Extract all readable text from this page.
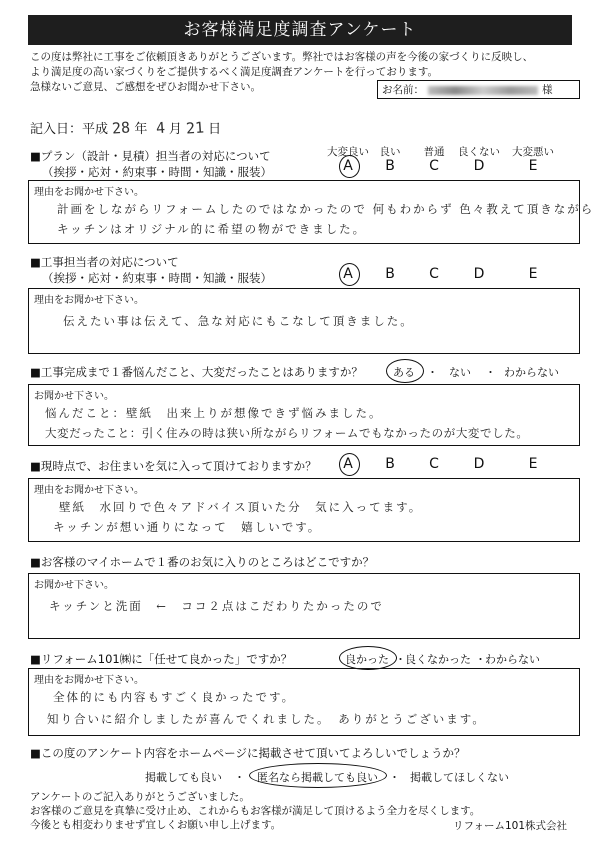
お客様満足度調査アンケート
この度は弊社に工事をご依頼頂きありがとうございます。弊社ではお客様の声を今後の家づくりに反映し、
より満足度の高い家づくりをご提供するべく満足度調査アンケートを行っております。
急様ないご意見、ご感想をぜひお聞かせ下さい。	お名前：	様
記入日：平成 28 年 4 月 21 日
■プラン（設計・見積）担当者の対応について
（挨拶・応対・約束事・時間・知識・服装）
大変良い	良い	普通	良くない 大変悪い
A	B	C	D	E
理由をお聞かせ下さい。
計画をしながらリフォームしたのではなかったので 何もわからず 色々教えて頂きながら
キッチンはオリジナル的に希望の物ができました。
■工事担当者の対応について
（挨拶・応対・約束事・時間・知識・服装）	A	B	C	D	E
理由をお聞かせ下さい。
伝えたい事は伝えて、急な対応にもこなして頂きました。
■工事完成まで１番悩んだこと、大変だったことはありますか？	ある ・ ない ・ わからない
お聞かせ下さい。
悩んだこと：壁紙　出来上りが想像できず悩みました。
大変だったこと：引く住みの時は狭い所ながらリフォームでもなかったのが大変でした。
■現時点で、お住まいを気に入って頂けておりますか？	A	B	C	D	E
理由をお聞かせ下さい。
壁紙　水回りで色々アドバイス頂いた分　気に入ってます。
キッチンが想い通りになって　嬉しいです。
■お客様のマイホームで１番のお気に入りのところはどこですか？
お聞かせ下さい。
キッチンと洗面　←　ココ２点はこだわりたかったので
■リフォーム101㈱に「任せて良かった」ですか？	良かった ・ 良くなかった ・ わからない
理由をお聞かせ下さい。
全体的にも内容もすごく良かったです。
知り合いに紹介しましたが喜んでくれました。　ありがとうございます。
■この度のアンケート内容をホームページに掲載させて頂いてよろしいでしょうか？
掲載しても良い ・ 匿名なら掲載しても良い ・ 掲載してほしくない
アンケートのご記入ありがとうございました。
お客様のご意見を真摯に受け止め、これからもお客様が満足して頂けるよう全力を尽くします。
今後とも相変わりませず宜しくお願い申し上げます。	リフォーム101株式会社
